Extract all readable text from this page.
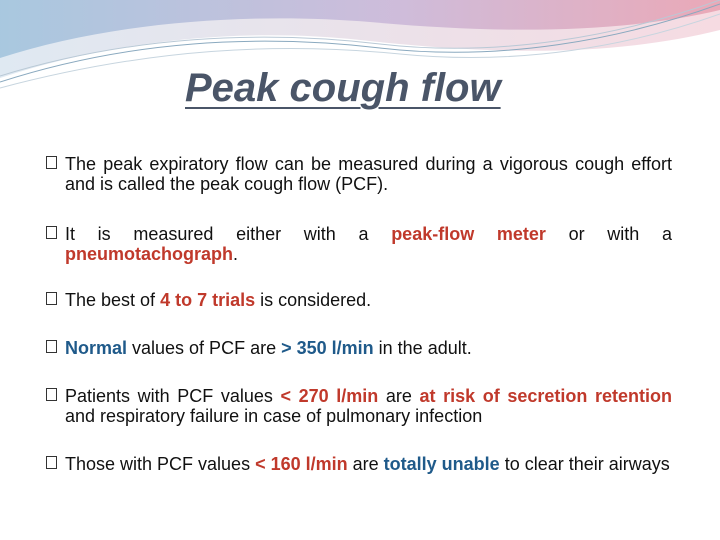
Peak cough flow
The peak expiratory flow can be measured during a vigorous cough effort and is called the peak cough flow (PCF).
It is measured either with a peak-flow meter or with a pneumotachograph.
The best of 4 to 7 trials is considered.
Normal values of PCF are > 350 l/min in the adult.
Patients with PCF values < 270 l/min are at risk of secretion retention and respiratory failure in case of pulmonary infection
Those with PCF values < 160 l/min are totally unable to clear their airways
